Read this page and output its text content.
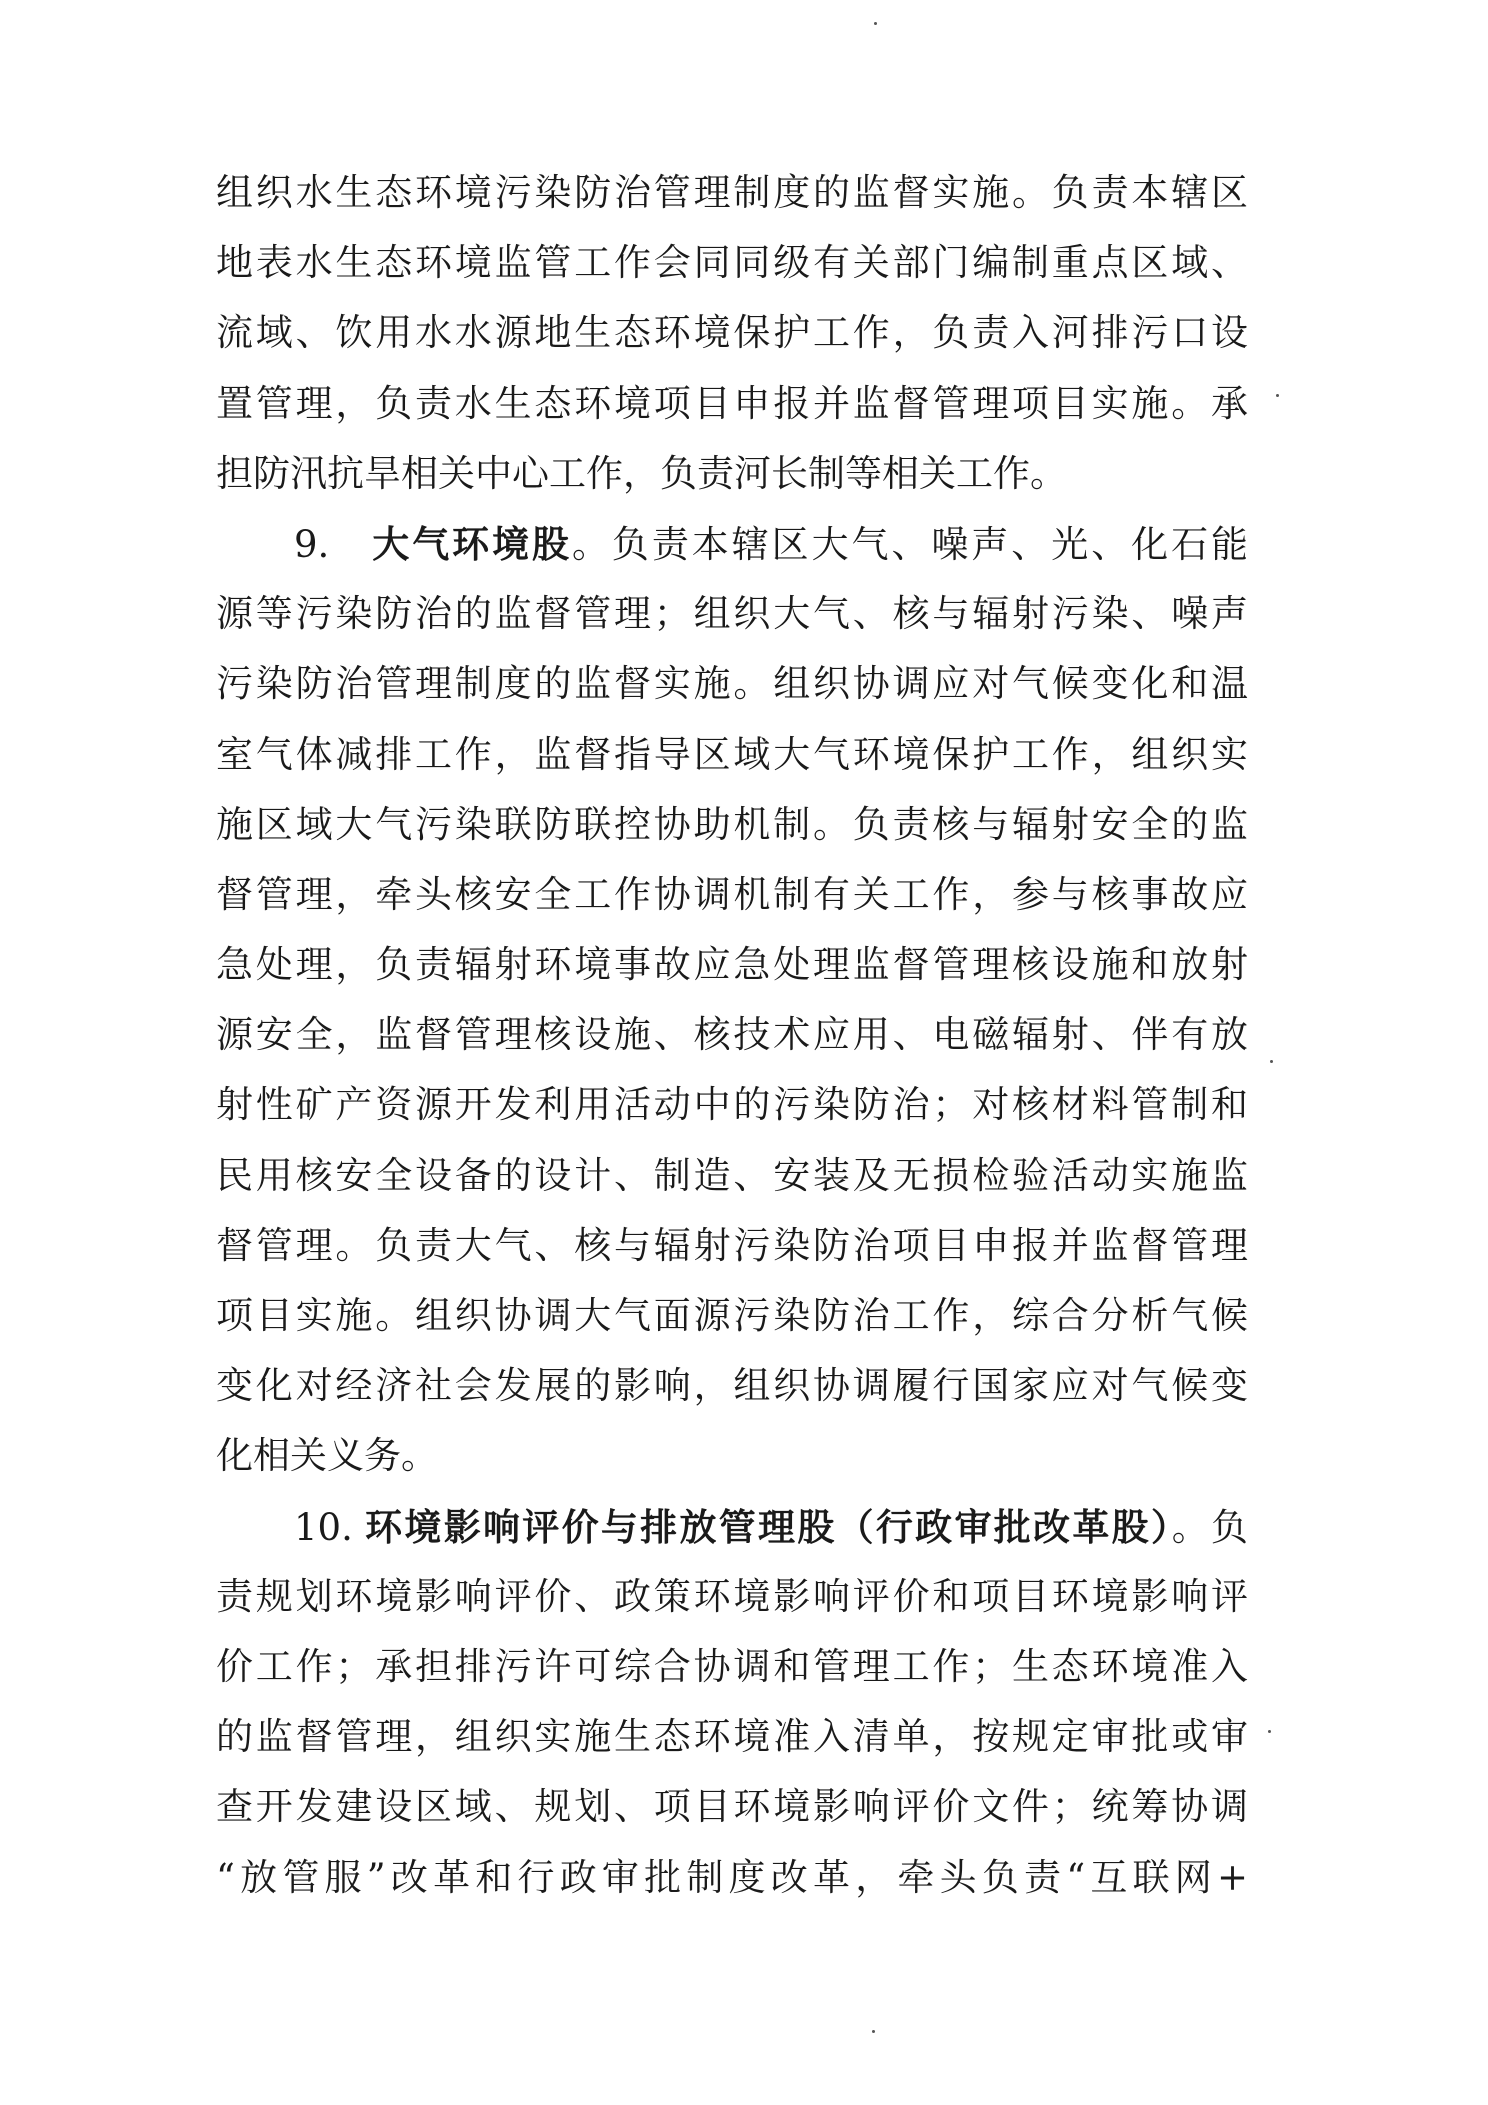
组织水生态环境污染防治管理制度的监督实施。负责本辖区
地表水生态环境监管工作会同同级有关部门编制重点区域、
流域、饮用水水源地生态环境保护工作，负责入河排污口设
置管理，负责水生态环境项目申报并监督管理项目实施。承
担防汛抗旱相关中心工作，负责河长制等相关工作。
9. 大气环境股。负责本辖区大气、噪声、光、化石能
源等污染防治的监督管理；组织大气、核与辐射污染、噪声
污染防治管理制度的监督实施。组织协调应对气候变化和温
室气体减排工作，监督指导区域大气环境保护工作，组织实
施区域大气污染联防联控协助机制。负责核与辐射安全的监
督管理，牵头核安全工作协调机制有关工作，参与核事故应
急处理，负责辐射环境事故应急处理监督管理核设施和放射
源安全，监督管理核设施、核技术应用、电磁辐射、伴有放
射性矿产资源开发利用活动中的污染防治；对核材料管制和
民用核安全设备的设计、制造、安装及无损检验活动实施监
督管理。负责大气、核与辐射污染防治项目申报并监督管理
项目实施。组织协调大气面源污染防治工作，综合分析气候
变化对经济社会发展的影响，组织协调履行国家应对气候变
化相关义务。
10. 环境影响评价与排放管理股（行政审批改革股）。负
责规划环境影响评价、政策环境影响评价和项目环境影响评
价工作；承担排污许可综合协调和管理工作；生态环境准入
的监督管理，组织实施生态环境准入清单，按规定审批或审
查开发建设区域、规划、项目环境影响评价文件；统筹协调
“放管服”改革和行政审批制度改革，牵头负责“互联网+
